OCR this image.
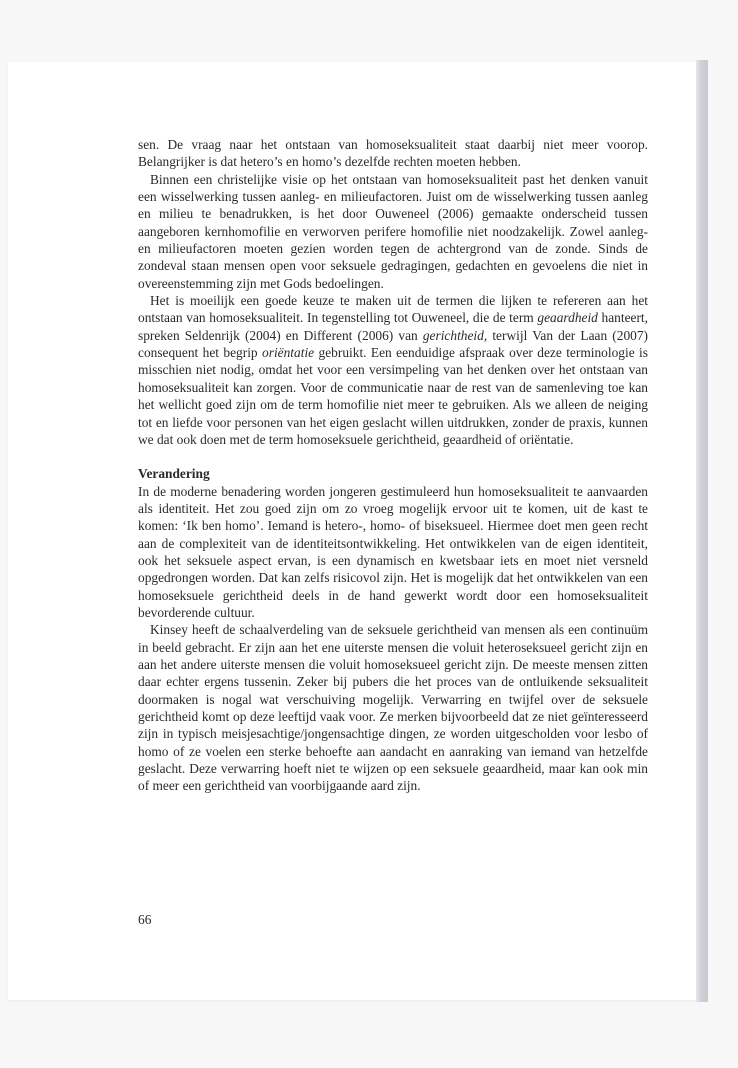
sen. De vraag naar het ontstaan van homoseksualiteit staat daarbij niet meer voorop. Belangrijker is dat hetero’s en homo’s dezelfde rechten moeten hebben.

Binnen een christelijke visie op het ontstaan van homoseksualiteit past het denken vanuit een wisselwerking tussen aanleg- en milieufactoren. Juist om de wisselwerking tussen aanleg en milieu te benadrukken, is het door Ouweneel (2006) gemaakte onderscheid tussen aangeboren kernhomofilie en verworven perifere homofilie niet noodzakelijk. Zowel aanleg- en milieufactoren moeten gezien worden tegen de achtergrond van de zonde. Sinds de zondeval staan mensen open voor seksuele gedragingen, gedachten en gevoelens die niet in overeenstemming zijn met Gods bedoelingen.

Het is moeilijk een goede keuze te maken uit de termen die lijken te refereren aan het ontstaan van homoseksualiteit. In tegenstelling tot Ouweneel, die de term geaardheid hanteert, spreken Seldenrijk (2004) en Different (2006) van gerichtheid, terwijl Van der Laan (2007) consequent het begrip oriëntatie gebruikt. Een eenduidige afspraak over deze terminologie is misschien niet nodig, omdat het voor een versimpeling van het denken over het ontstaan van homoseksualiteit kan zorgen. Voor de communicatie naar de rest van de samenleving toe kan het wellicht goed zijn om de term homofilie niet meer te gebruiken. Als we alleen de neiging tot en liefde voor personen van het eigen geslacht willen uitdrukken, zonder de praxis, kunnen we dat ook doen met de term homoseksuele gerichtheid, geaardheid of oriëntatie.

Verandering

In de moderne benadering worden jongeren gestimuleerd hun homoseksualiteit te aanvaarden als identiteit. Het zou goed zijn om zo vroeg mogelijk ervoor uit te komen, uit de kast te komen: ‘Ik ben homo’. Iemand is hetero-, homo- of biseksueel. Hiermee doet men geen recht aan de complexiteit van de identiteitsontwikkeling. Het ontwikkelen van de eigen identiteit, ook het seksuele aspect ervan, is een dynamisch en kwetsbaar iets en moet niet versneld opgedrongen worden. Dat kan zelfs risicovol zijn. Het is mogelijk dat het ontwikkelen van een homoseksuele gerichtheid deels in de hand gewerkt wordt door een homoseksualiteit bevorderende cultuur.

Kinsey heeft de schaalverdeling van de seksuele gerichtheid van mensen als een continuüm in beeld gebracht. Er zijn aan het ene uiterste mensen die voluit heteroseksueel gericht zijn en aan het andere uiterste mensen die voluit homoseksueel gericht zijn. De meeste mensen zitten daar echter ergens tussenin. Zeker bij pubers die het proces van de ontluikende seksualiteit doormaken is nogal wat verschuiving mogelijk. Verwarring en twijfel over de seksuele gerichtheid komt op deze leeftijd vaak voor. Ze merken bijvoorbeeld dat ze niet geïnteresseerd zijn in typisch meisjesachtige/jongensachtige dingen, ze worden uitgescholden voor lesbo of homo of ze voelen een sterke behoefte aan aandacht en aanraking van iemand van hetzelfde geslacht. Deze verwarring hoeft niet te wijzen op een seksuele geaardheid, maar kan ook min of meer een gerichtheid van voorbijgaande aard zijn.

66
